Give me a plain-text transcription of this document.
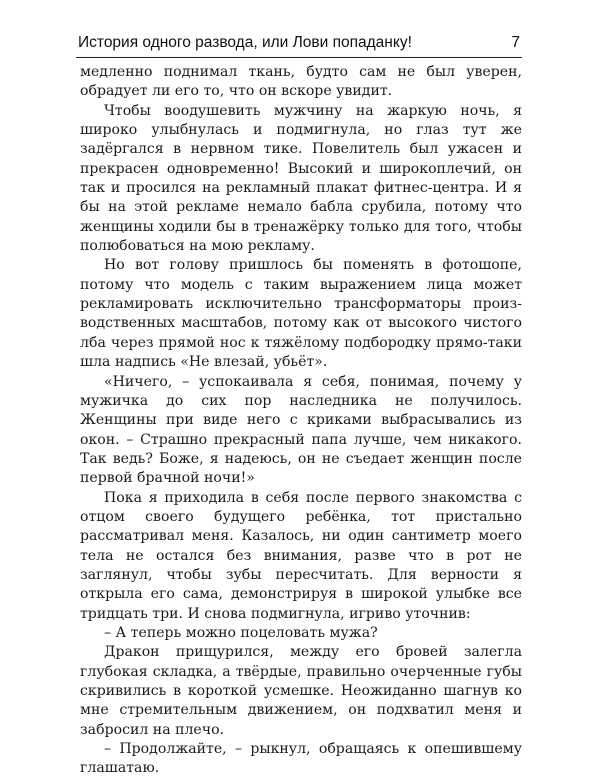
История одного развода, или Лови попаданку!	7

медленно поднимал ткань, будто сам не был уверен, обрадует ли его то, что он вскоре увидит.

Чтобы воодушевить мужчину на жаркую ночь, я широко улыбнулась и подмигнула, но глаз тут же задёргался в нервном тике. Повелитель был ужасен и прекрасен одновременно! Высокий и широкоплечий, он так и просился на рекламный плакат фитнес-центра. И я бы на этой рекламе немало бабла срубила, потому что женщины ходили бы в тренажёрку только для того, чтобы полюбоваться на мою рекламу.

Но вот голову пришлось бы поменять в фотошопе, потому что модель с таким выражением лица может рекламировать исключительно трансформаторы производственных масштабов, потому как от высокого чистого лба через прямой нос к тяжёлому подбородку прямо-таки шла надпись «Не влезай, убьёт».

«Ничего, – успокаивала я себя, понимая, почему у мужичка до сих пор наследника не получилось. Женщины при виде него с криками выбрасывались из окон. – Страшно прекрасный папа лучше, чем никакого. Так ведь? Боже, я надеюсь, он не съедает женщин после первой брачной ночи!»

Пока я приходила в себя после первого знакомства с отцом своего будущего ребёнка, тот пристально рассматривал меня. Казалось, ни один сантиметр моего тела не остался без внимания, разве что в рот не заглянул, чтобы зубы пересчитать. Для верности я открыла его сама, демонстрируя в широкой улыбке все тридцать три. И снова подмигнула, игриво уточнив:

– А теперь можно поцеловать мужа?

Дракон прищурился, между его бровей залегла глубокая складка, а твёрдые, правильно очерченные губы скривились в короткой усмешке. Неожиданно шагнув ко мне стремительным движением, он подхватил меня и забросил на плечо.

– Продолжайте, – рыкнул, обращаясь к опешившему глашатаю.
